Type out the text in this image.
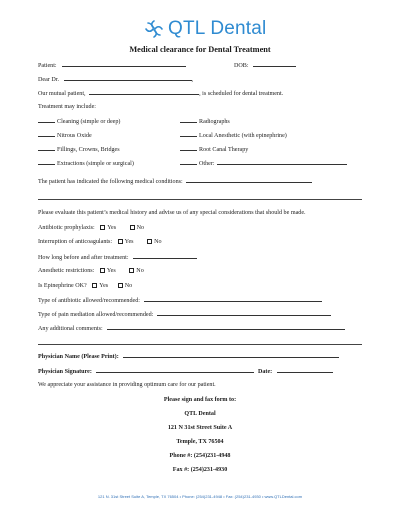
QTL Dental
Medical clearance for Dental Treatment
Patient:	DOB:
Dear Dr.	,
Our mutual patient,	, is scheduled for dental treatment.
Treatment may include:
Cleaning (simple or deep)
Nitrous Oxide
Fillings, Crowns, Bridges
Extractions (simple or surgical)
Radiographs
Local Anesthetic (with epinephrine)
Root Canal Therapy
Other:
The patient has indicated the following medical conditions:
Please evaluate this patient’s medical history and advise us of any special considerations that should be made.
Antibiotic prophylaxis: Yes	No
Interruption of anticoagulants: Yes	No
How long before and after treatment:
Anesthetic restrictions: Yes	No
Is Epinephrine OK? Yes	No
Type of antibiotic allowed/recommended:
Type of pain mediation allowed/recommended:
Any additional comments:
Physician Name (Please Print):
Physician Signature:	Date:
We appreciate your assistance in providing optimum care for our patient.
Please sign and fax form to:
QTL Dental
121 N 31st Street Suite A
Temple, TX 76504
Phone #: (254)231-4948
Fax #: (254)231-4930
121 N. 31st Street Suite A, Temple, TX 76504 • Phone: (254)231-4948 • Fax: (254)231-4930 • www.QTLDental.com
